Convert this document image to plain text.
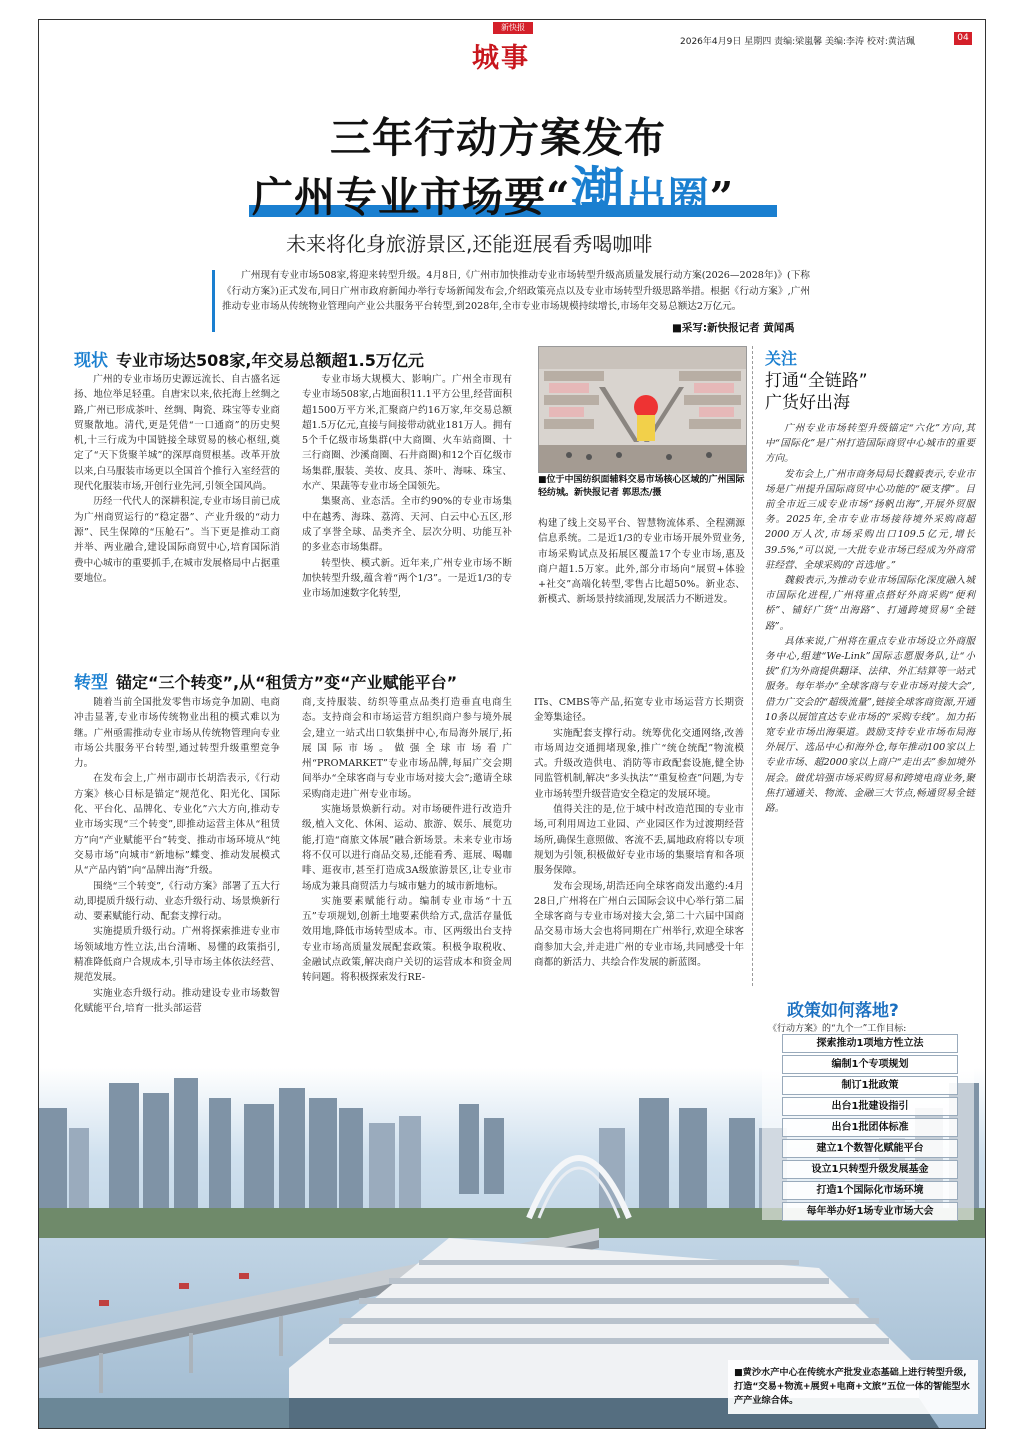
新快报
城事
2026年4月9日 星期四 责编:梁嵐馨 美编:李涛 校对:黄洁珮	04
三年行动方案发布
广州专业市场要“潮出圈”
未来将化身旅游景区,还能逛展看秀喝咖啡
广州现有专业市场508家,将迎来转型升级。4月8日,《广州市加快推动专业市场转型升级高质量发展行动方案(2026—2028年)》(下称《行动方案》)正式发布,同日广州市政府新闻办举行专场新闻发布会,介绍政策亮点以及专业市场转型升级思路举措。根据《行动方案》,广州推动专业市场从传统物业管理向产业公共服务平台转型,到2028年,全市专业市场规模持续增长,市场年交易总额达2万亿元。
■采写:新快报记者 黄闻禹
现状 专业市场达508家,年交易总额超1.5万亿元

广州的专业市场历史源远流长、自古盛名远扬、地位举足轻重。自唐宋以来,依托海上丝绸之路,广州已形成茶叶、丝绸、陶瓷、珠宝等专业商贸聚散地。清代,更是凭借“一口通商”的历史契机,十三行成为中国链接全球贸易的核心枢纽,奠定了“天下货聚羊城”的深厚商贸根基。改革开放以来,白马服装市场更以全国首个推行入室经营的现代化服装市场,开创行业先河,引领全国风尚。

历经一代代人的深耕积淀,专业市场目前已成为广州商贸运行的“稳定器”、产业升级的“动力源”、民生保障的“压舱石”。当下更是推动工商并举、两业融合,建设国际商贸中心,培育国际消费中心城市的重要抓手,在城市发展格局中占据重要地位。

专业市场大规模大、影响广。广州全市现有专业市场508家,占地面积11.1平方公里,经营面积超1500万平方米,汇聚商户约16万家,年交易总额超1.5万亿元,直接与间接带动就业181万人。拥有5个千亿级市场集群(中大商圈、火车站商圈、十三行商圈、沙溪商圈、石井商圈)和12个百亿级市场集群,服装、美妆、皮具、茶叶、海味、珠宝、水产、果蔬等专业市场全国领先。

集聚高、业态活。全市约90%的专业市场集中在越秀、海珠、荔湾、天河、白云中心五区,形成了享誉全球、品类齐全、层次分明、功能互补的多业态市场集群。

转型快、模式新。近年来,广州专业市场不断加快转型升级,蕴含着“两个1/3”。一是近1/3的专业市场加速数字化转型,

■位于中国纺织面辅料交易市场核心区域的广州国际轻纺城。新快报记者 郭思杰/摄

构建了线上交易平台、智慧物流体系、全程溯源信息系统。二是近1/3的专业市场开展外贸业务,市场采购试点及拓展区覆盖17个专业市场,惠及商户超1.5万家。此外,部分市场向“展贸+体验+社交”高端化转型,零售占比超50%。新业态、新模式、新场景持续涌现,发展活力不断迸发。

关注
打通“全链路”
广货好出海

广州专业市场转型升级锚定“六化”方向,其中“国际化”是广州打造国际商贸中心城市的重要方向。

发布会上,广州市商务局局长魏毅表示,专业市场是广州提升国际商贸中心功能的“硬支撑”。目前全市近三成专业市场“扬帆出海”,开展外贸服务。2025年,全市专业市场接待境外采购商超2000万人次,市场采购出口109.5亿元,增长39.5%,“可以说,一大批专业市场已经成为外商常驻经营、全球采购的‘首选地’。”

魏毅表示,为推动专业市场国际化深度融入城市国际化进程,广州将重点搭好外商采购“便利桥”、铺好广货“出海路”、打通跨境贸易“全链路”。

具体来说,广州将在重点专业市场设立外商服务中心,组建“We-Link”国际志愿服务队,让“小拔”们为外商提供翻译、法律、外汇结算等一站式服务。每年举办“全球客商与专业市场对接大会”,借力广交会的“超级流量”,链接全球客商资源,开通10条以展馆直达专业市场的“采购专线”。加力拓宽专业市场出海渠道。鼓励支持专业市场布局海外展厅、选品中心和海外仓,每年推动100家以上专业市场、超2000家以上商户“走出去”参加境外展会。做优培强市场采购贸易和跨境电商业务,聚焦打通通关、物流、金融三大节点,畅通贸易全链路。

转型 锚定“三个转变”,从“租赁方”变“产业赋能平台”

随着当前全国批发零售市场竞争加剧、电商冲击显著,专业市场传统物业出租的模式难以为继。广州亟需推动专业市场从传统物管理向专业市场公共服务平台转型,通过转型升级重塑竞争力。

在发布会上,广州市副市长胡浩表示,《行动方案》核心目标是锚定“规范化、阳光化、国际化、平台化、品牌化、专业化”六大方向,推动专业市场实现“三个转变”,即推动运营主体从“租赁方”向“产业赋能平台”转变、推动市场环境从“纯交易市场”向城市“新地标”蝶变、推动发展模式从“产品内销”向“品牌出海”升级。

围绕“三个转变”,《行动方案》部署了五大行动,即提质升级行动、业态升级行动、场景焕新行动、要素赋能行动、配套支撑行动。

实施提质升级行动。广州将探索推进专业市场领域地方性立法,出台清晰、易懂的政策指引,精准降低商户合规成本,引导市场主体依法经营、规范发展。

实施业态升级行动。推动建设专业市场数智化赋能平台,培育一批头部运营

商,支持服装、纺织等重点品类打造垂直电商生态。支持商会和市场运营方组织商户参与境外展会,建立一站式出口软集拼中心,布局海外展厅,拓展国际市场。做强全球市场看广州“PROMARKET”专业市场品牌,每届广交会期间举办“全球客商与专业市场对接大会”;邀请全球采购商走进广州专业市场。

实施场景焕新行动。对市场硬件进行改造升级,植入文化、休闲、运动、旅游、娱乐、展览功能,打造“商旅文体展”融合新场景。未来专业市场将不仅可以进行商品交易,还能看秀、逛展、喝咖啡、逛夜市,甚至打造成3A级旅游景区,让专业市场成为兼具商贸活力与城市魅力的城市新地标。

实施要素赋能行动。编制专业市场“十五五”专项规划,创新土地要素供给方式,盘活存量低效用地,降低市场转型成本。市、区两级出台支持专业市场高质量发展配套政策。积极争取税收、金融试点政策,解决商户关切的运营成本和资金周转问题。将积极探索发行RE-

ITs、CMBS等产品,拓宽专业市场运营方长期资金筹集途径。

实施配套支撑行动。统筹优化交通网络,改善市场周边交通拥堵现象,推广“统仓统配”物流模式。升级改造供电、消防等市政配套设施,健全协同监管机制,解决“多头执法”“重复检查”问题,为专业市场转型升级营造安全稳定的发展环境。

值得关注的是,位于城中村改造范围的专业市场,可利用周边工业园、产业园区作为过渡期经营场所,确保生意照做、客流不丢,属地政府将以专项规划为引领,积极做好专业市场的集聚培育和各项服务保障。

发布会现场,胡浩还向全球客商发出邀约:4月28日,广州将在广州白云国际会议中心举行第二届全球客商与专业市场对接大会,第二十六届中国商品交易市场大会也将同期在广州举行,欢迎全球客商参加大会,并走进广州的专业市场,共同感受十年商都的新活力、共绘合作发展的新蓝图。

政策如何落地?
《行动方案》的“九个一”工作目标:
探索推动1项地方性立法
编制1个专项规划
制订1批政策
出台1批建设指引
出台1批团体标准
建立1个数智化赋能平台
设立1只转型升级发展基金
打造1个国际化市场环境
每年举办好1场专业市场大会
■黄沙水产中心在传统水产批发业态基础上进行转型升级,打造“交易+物流+展贸+电商+文旅”五位一体的智能型水产产业综合体。
